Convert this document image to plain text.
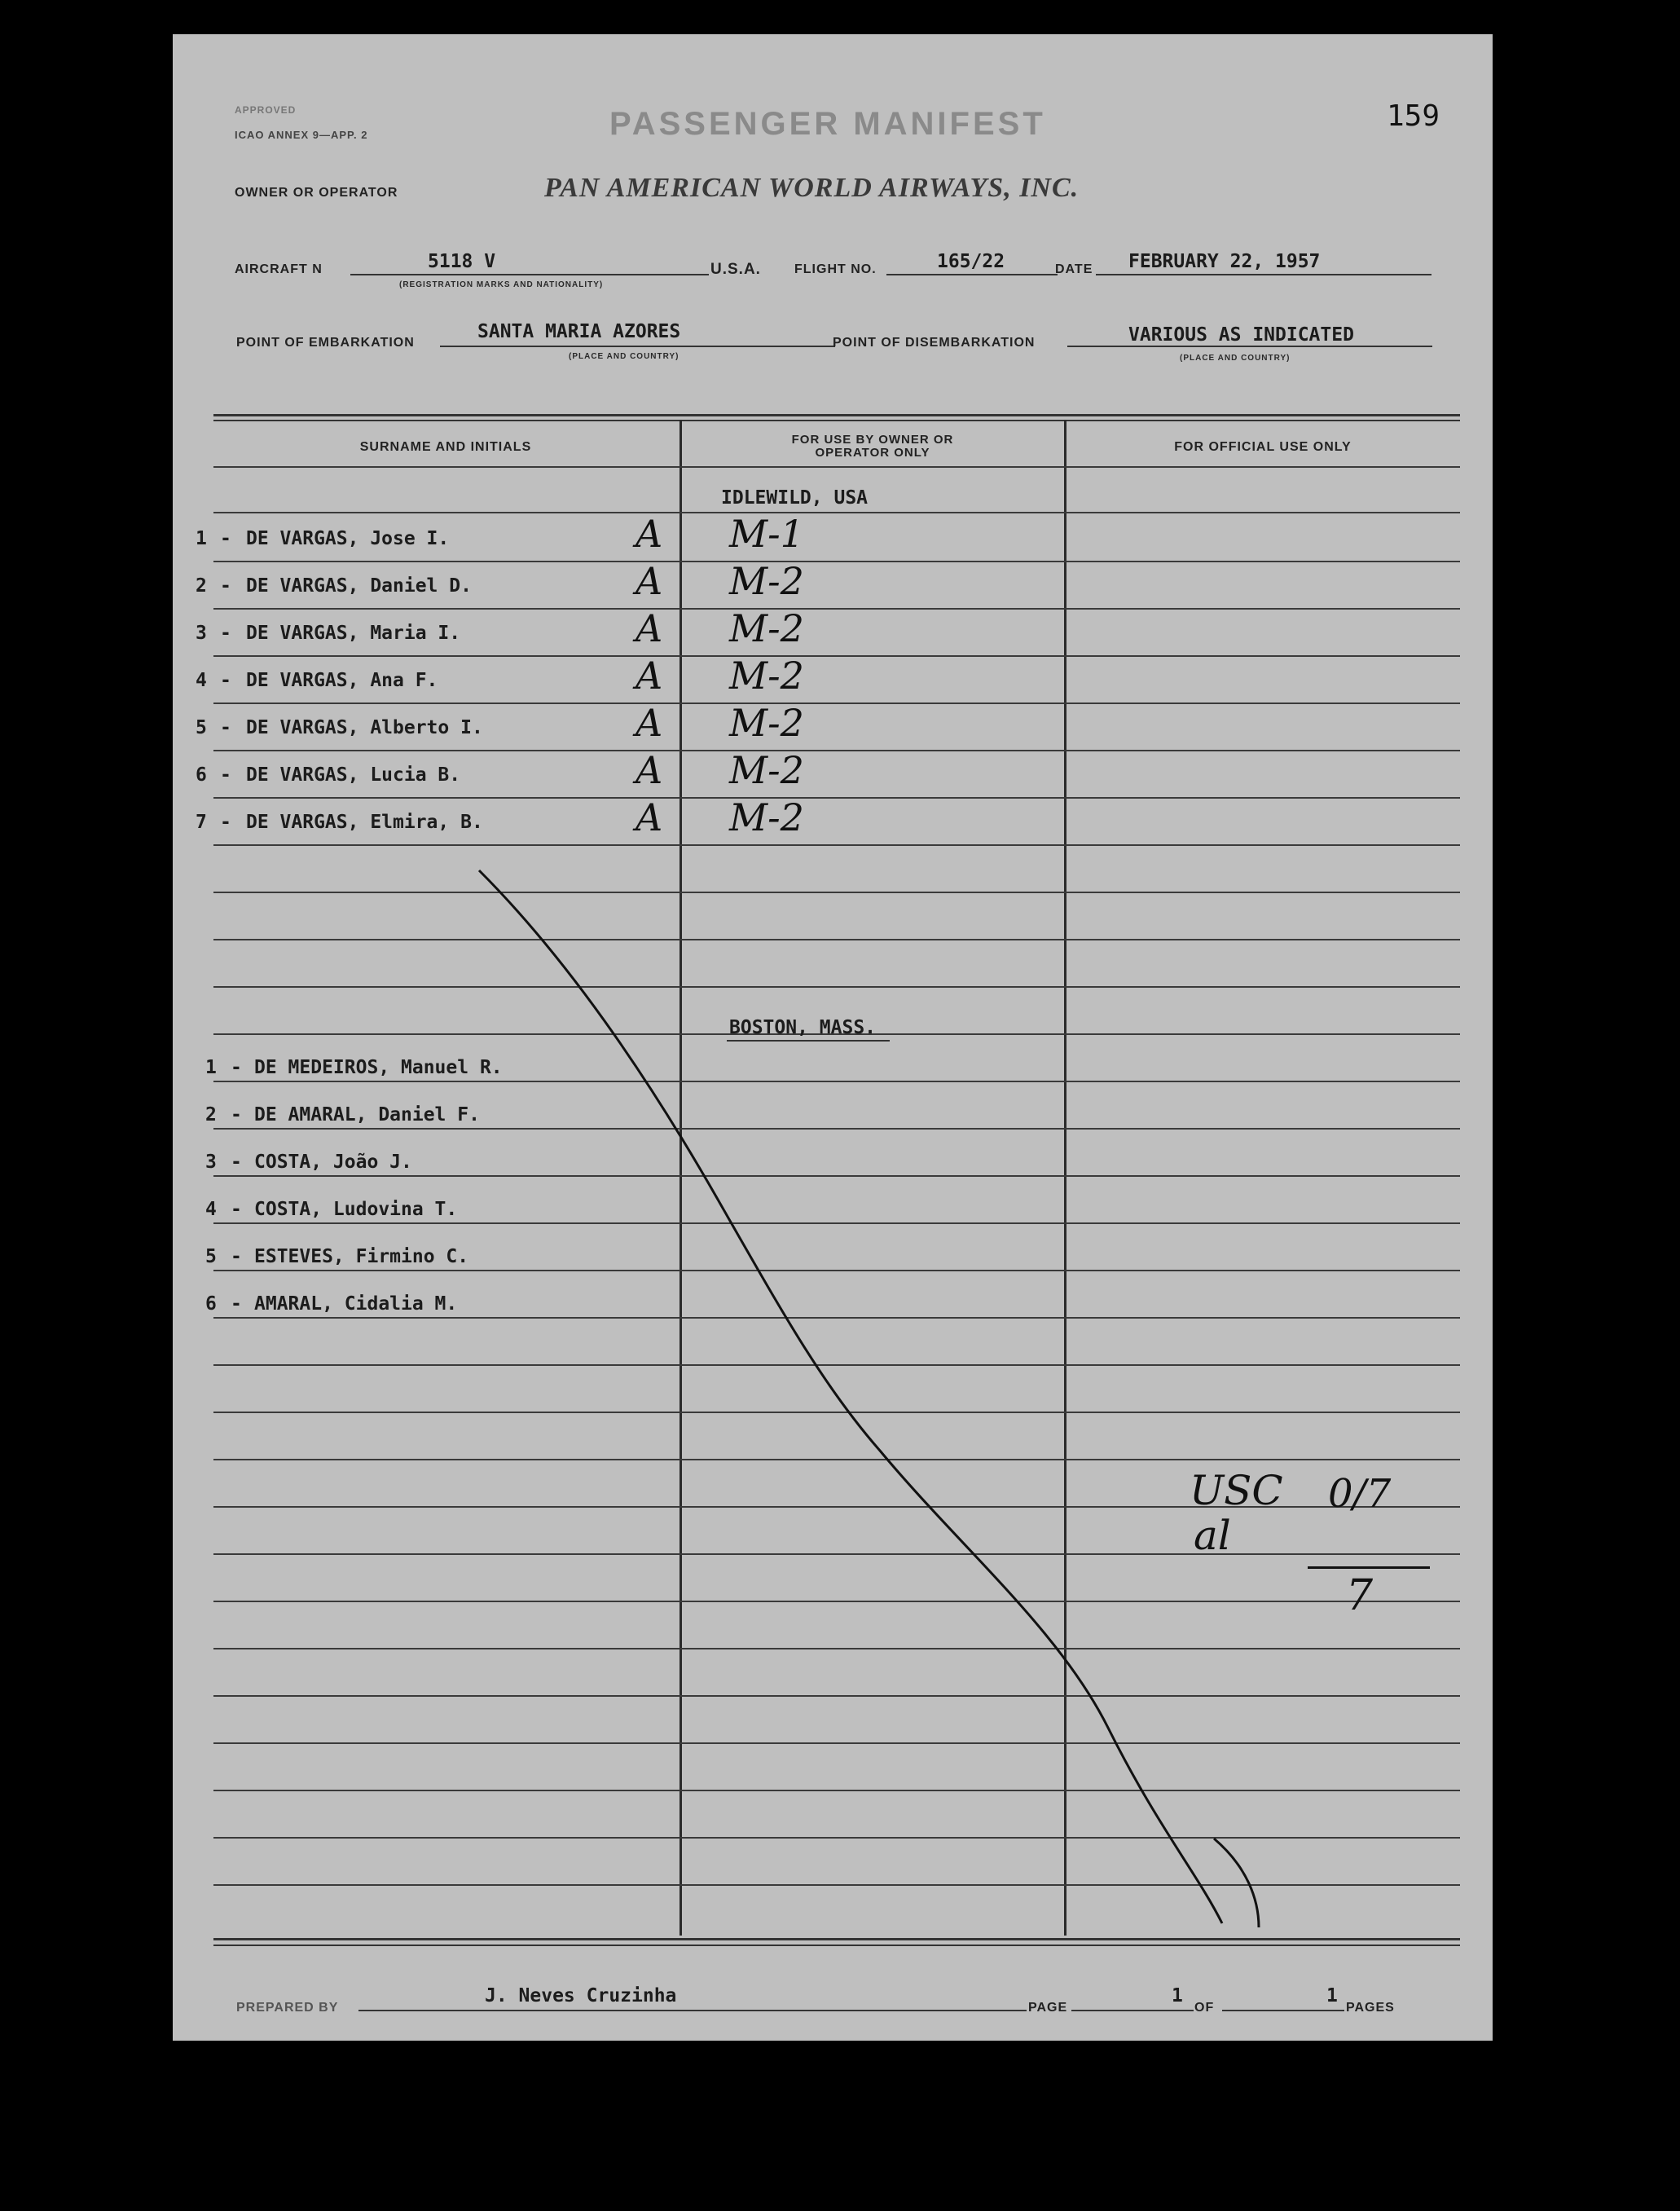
APPROVED
ICAO ANNEX 9—APP. 2	PASSENGER MANIFEST	159
OWNER OR OPERATOR	PAN AMERICAN WORLD AIRWAYS, INC.
AIRCRAFT N	5118 V
(REGISTRATION MARKS AND NATIONALITY)
U.S.A.	FLIGHT NO.	165/22	DATE FEBRUARY 22, 1957
POINT OF EMBARKATION
SANTA MARIA AZORES
(PLACE AND COUNTRY)
POINT OF DISEMBARKATION	VARIOUS AS INDICATED
(PLACE AND COUNTRY)
SURNAME AND INITIALS
FOR USE BY OWNER OR OPERATOR ONLY	FOR OFFICIAL USE ONLY
IDLEWILD, USA
1 - DE VARGAS, Jose I.	A M-1
2 - DE VARGAS, Daniel D.	A M-2
3 - DE VARGAS, Maria I.	A M-2
4 - DE VARGAS, Ana F.	A M-2
5 - DE VARGAS, Alberto I.	A M-2
6 - DE VARGAS, Lucia B.	A M-2
7 - DE VARGAS, Elmira, B.	A M-2
BOSTON, MASS.
1 - DE MEDEIROS, Manuel R.
2 - DE AMARAL, Daniel F.
3 - COSTA, João J.
4 - COSTA, Ludovina T.
5 - ESTEVES, Firmino C.
6 - AMARAL, Cidalia M.
USC
al
0/7
7
PREPARED BY
J. Neves Cruzinha
PAGE
1
OF
1
PAGES
